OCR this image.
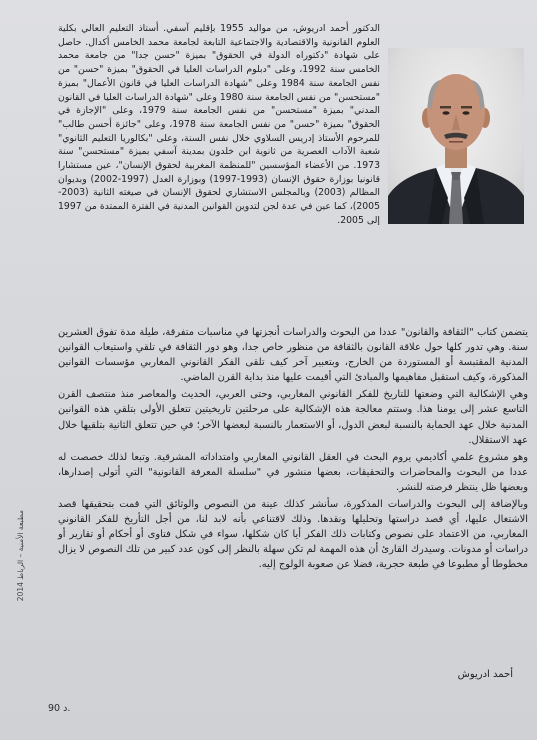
الدكتور أحمد ادريوش، من مواليد 1955 بإقليم آسفي. أستاذ التعليم العالي بكلية العلوم القانونية والاقتصادية والاجتماعية التابعة لجامعة محمد الخامس أكدال. حاصل على شهادة "دكتوراه الدولة في الحقوق" بميزة "حسن جدا" من جامعة محمد الخامس سنة 1992، وعلى "دبلوم الدراسات العليا في الحقوق" بميزة "حسن" من نفس الجامعة سنة 1984 وعلى "شهادة الدراسات العليا في قانون الأعمال" بميزة "مستحسن" من نفس الجامعة سنة 1980 وعلى "شهادة الدراسات العليا في القانون المدني" بميزة "مستحسن" من نفس الجامعة سنة 1979، وعلى "الإجازة في الحقوق" بميزة "حسن" من نفس الجامعة سنة 1978، وعلى "جائزة أحسن طالب" للمرحوم الأستاذ إدريس السلاوي خلال نفس السنة، وعلى "بكالوريا التعليم الثانوي" شعبة الآداب العصرية من ثانوية ابن خلدون بمدينة آسفي بميزة "مستحسن" سنة 1973. من الأعضاء المؤسسين "للمنظمة المغربية لحقوق الإنسان"، عين مستشارا قانونيا بوزارة حقوق الإنسان (1993-1997) وبوزارة العدل (1997-2002) وبديوان المظالم (2003) وبالمجلس الاستشاري لحقوق الإنسان في صيغته الثانية (2003-2005)، كما عين في عدة لجن لتدوين القوانين المدنية في الفترة الممتدة من 1997 إلى 2005.

يتضمن كتاب "الثقافة والقانون" عددا من البحوث والدراسات أنجزتها في مناسبات متفرقة، طيلة مدة تفوق العشرين سنة. وهي تدور كلها حول علاقة القانون بالثقافة من منظور خاص جدا، وهو دور الثقافة في تلقي واستيعاب القوانين المدنية المقتبسة أو المستوردة من الخارج، وبتعبير آخر كيف تلقى الفكر القانوني المغاربي مؤسسات القوانين المذكورة، وكيف استقبل مفاهيمها والمبادئ التي أقيمت عليها منذ بداية القرن الماضي.

وهي الإشكالية التي وضعتها للتاريخ للفكر القانوني المغاربي، وحتى العربي، الحديث والمعاصر منذ منتصف القرن التاسع عشر إلى يومنا هذا. وستتم معالجة هذه الإشكالية على مرحلتين تاريخيتين تتعلق الأولى بتلقي هذه القوانين المدنية خلال عهد الحماية بالنسبة لبعض الدول، أو الاستعمار بالنسبة لبعضها الآخر؛ في حين تتعلق الثانية بتلقيها خلال عهد الاستقلال.

وهو مشروع علمي أكاديمي يروم البحث في العقل القانوني المغاربي وامتداداته المشرقية. وتبعا لذلك خصصت له عددا من البحوث والمحاضرات والتحقيقات، بعضها منشور في "سلسلة المعرفة القانونية" التي أتولى إصدارها، وبعضها ظل ينتظر فرصته للنشر.

وبالإضافة إلى البحوث والدراسات المذكورة، سأنشر كذلك عينة من النصوص والوثائق التي قمت بتحقيقها قصد الاشتغال عليها، أي قصد دراستها وتحليلها ونقدها. وذلك لاقتناعي بأنه لابد لنا، من أجل التأريخ للفكر القانوني المغاربي، من الاعتماد على نصوص وكتابات ذلك الفكر أيا كان شكلها، سواء في شكل فتاوى أو أحكام أو تقارير أو دراسات أو مدونات. وسيدرك القارئ أن هذه المهمة لم تكن سهلة بالنظر إلى كون عدد كبير من تلك النصوص لا يزال مخطوطا أو مطبوعا في طبعة حجرية، فضلا عن صعوبة الولوج إليه.

أحمد ادريوش
90 د.
مطبعة الأمنية – الرباط 2014
